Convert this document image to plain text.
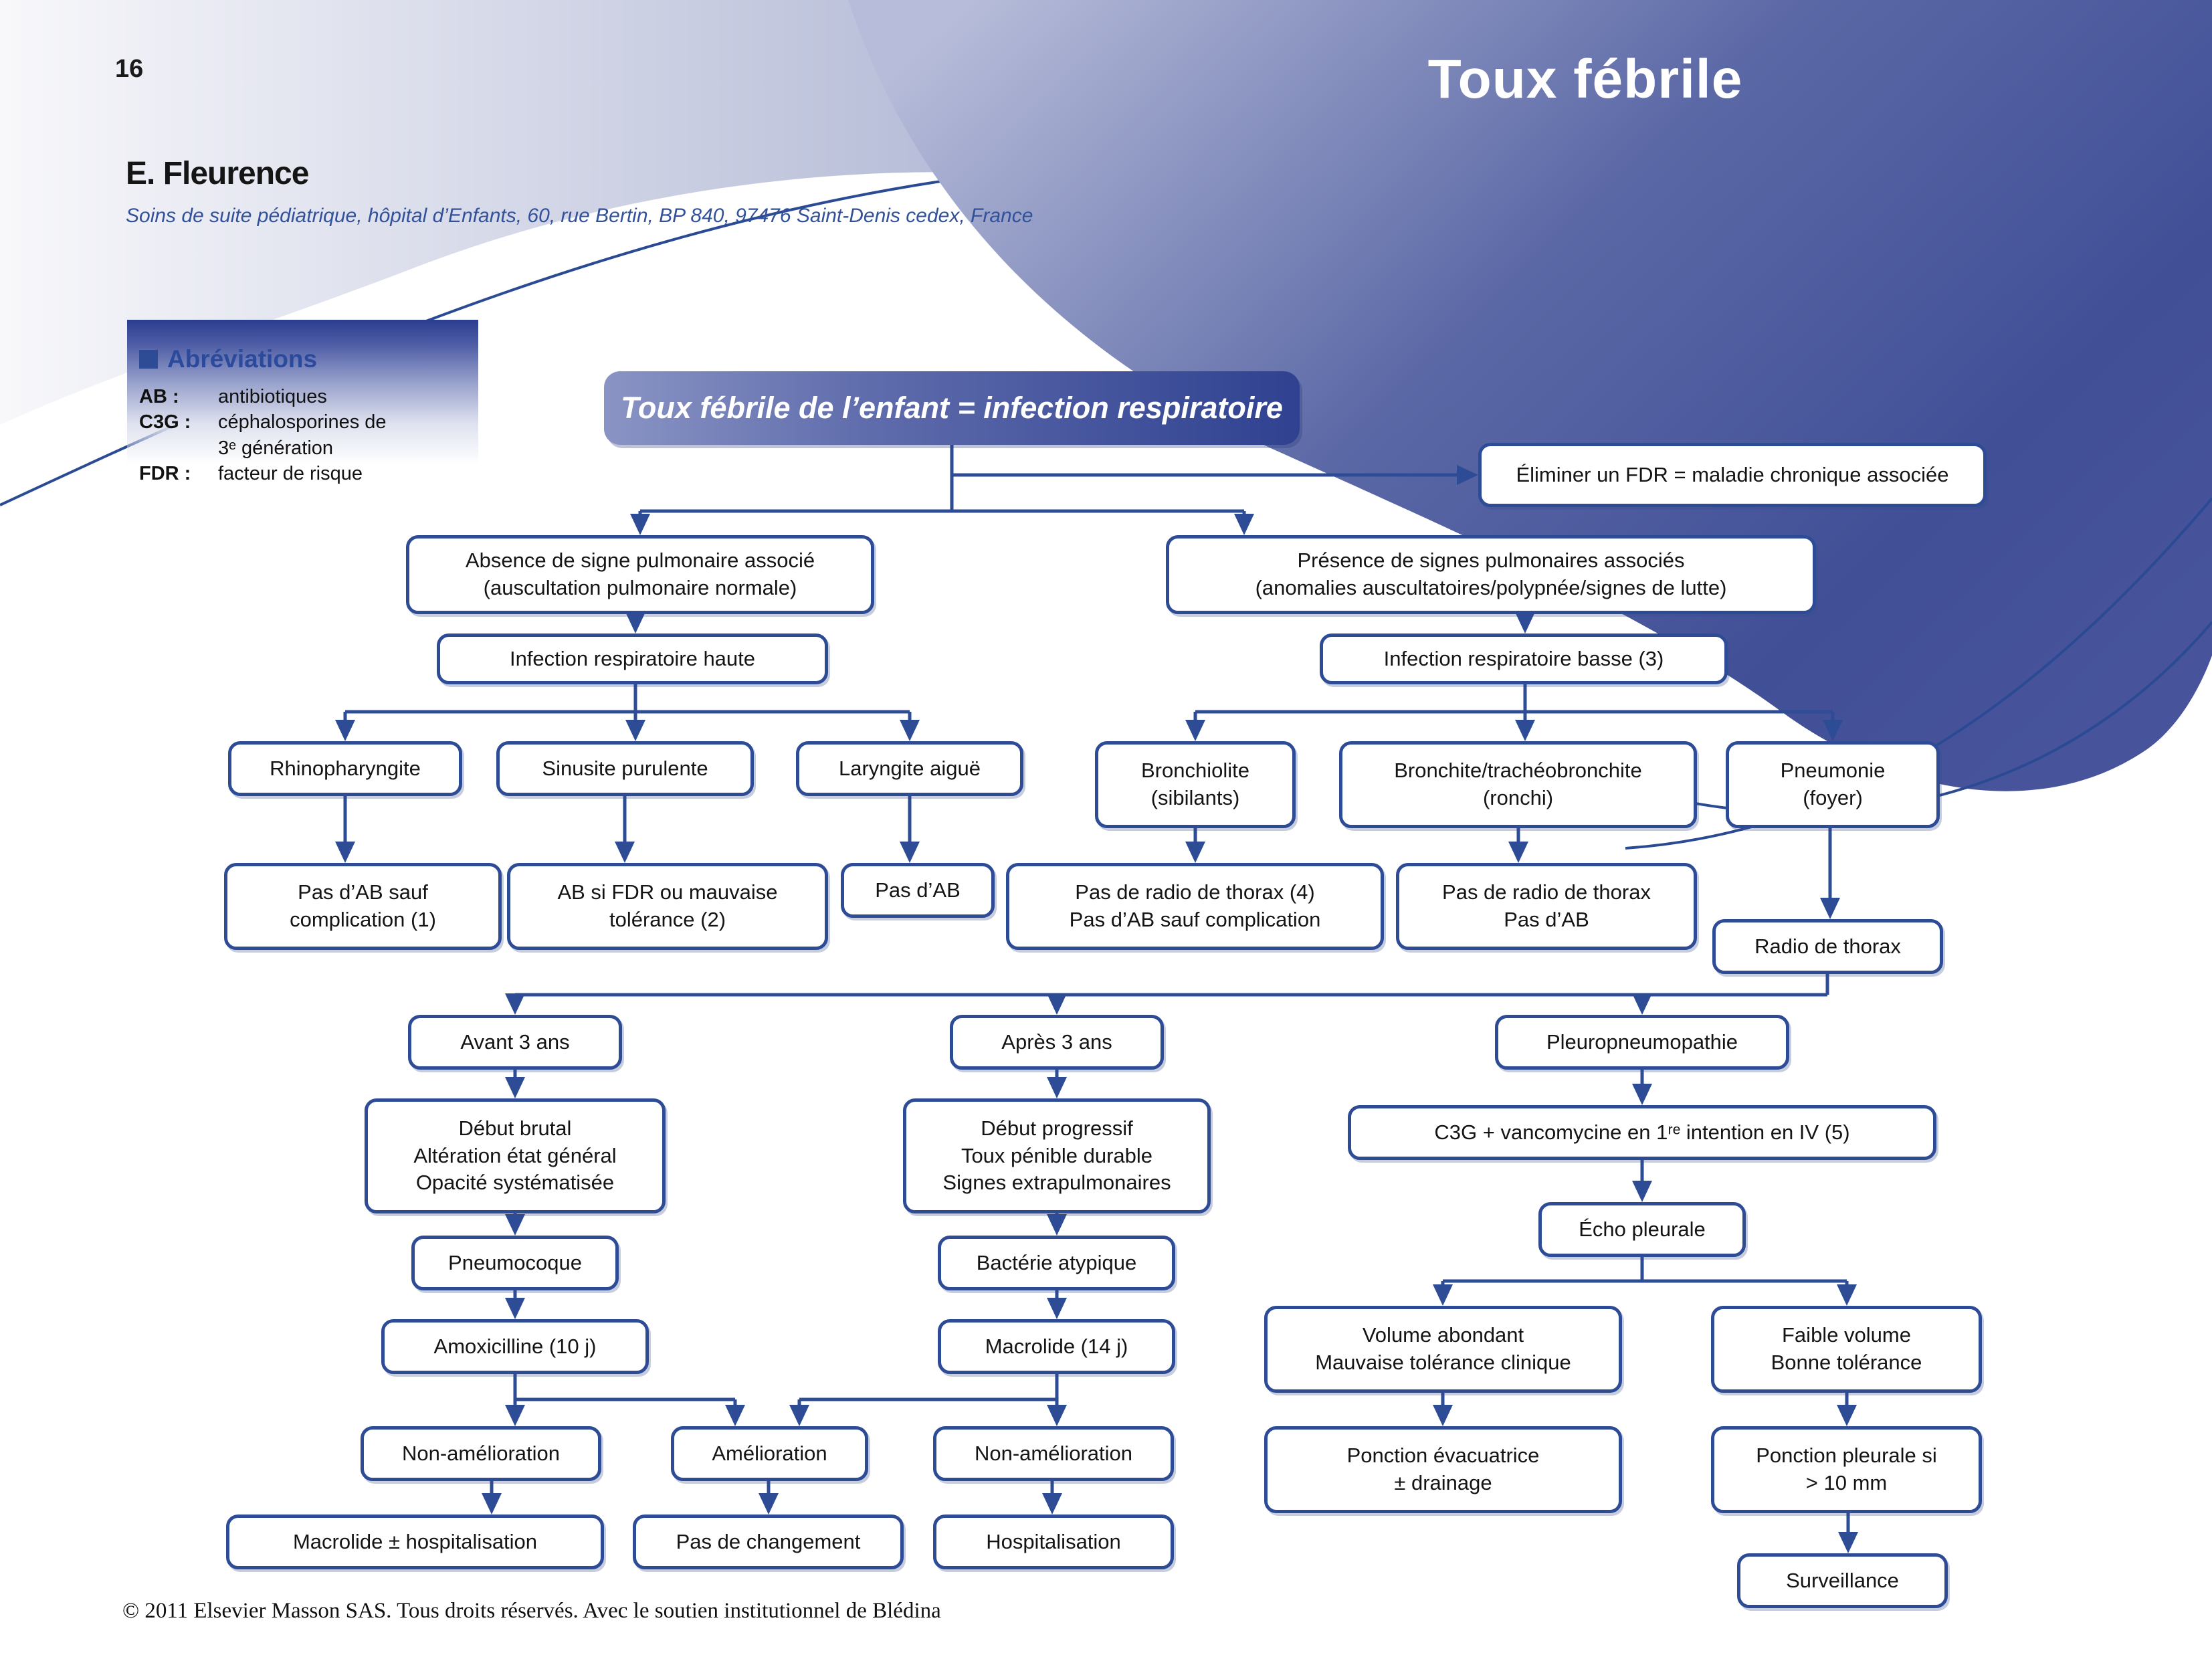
16	Toux fébrile
E. Fleurence
Soins de suite pédiatrique, hôpital d’Enfants, 60, rue Bertin, BP 840, 97476 Saint-Denis cedex, France
Abréviations
AB :	antibiotiques
C3G :	céphalosporines de
3ᵉ génération
FDR :	facteur de risque
Toux fébrile de l’enfant = infection respiratoire
Éliminer un FDR = maladie chronique associée
Absence de signe pulmonaire associé
(auscultation pulmonaire normale)
Présence de signes pulmonaires associés
(anomalies auscultatoires/polypnée/signes de lutte)
Infection respiratoire haute	Infection respiratoire basse (3)
Rhinopharyngite	Sinusite purulente	Laryngite aiguë	Bronchiolite
(sibilants)
Bronchite/trachéobronchite
(ronchi)
Pneumonie
(foyer)
Pas d’AB sauf
complication (1)
AB si FDR ou mauvaise
tolérance (2)
Pas d’AB	Pas de radio de thorax (4)
Pas d’AB sauf complication
Pas de radio de thorax
Pas d’AB
Radio de thorax
Avant 3 ans	Après 3 ans	Pleuropneumopathie
Début brutal
Altération état général
Opacité systématisée
Début progressif
Toux pénible durable
Signes extrapulmonaires
C3G + vancomycine en 1ʳᵉ intention en IV (5)
Écho pleurale
Pneumocoque	Bactérie atypique
Amoxicilline (10 j)	Macrolide (14 j)	Volume abondant
Mauvaise tolérance clinique
Faible volume
Bonne tolérance
Non-amélioration	Amélioration	Non-amélioration
Macrolide ± hospitalisation	Pas de changement	Hospitalisation
Ponction évacuatrice
± drainage
Ponction pleurale si
> 10 mm
Surveillance
© 2011 Elsevier Masson SAS. Tous droits réservés. Avec le soutien institutionnel de Blédina
